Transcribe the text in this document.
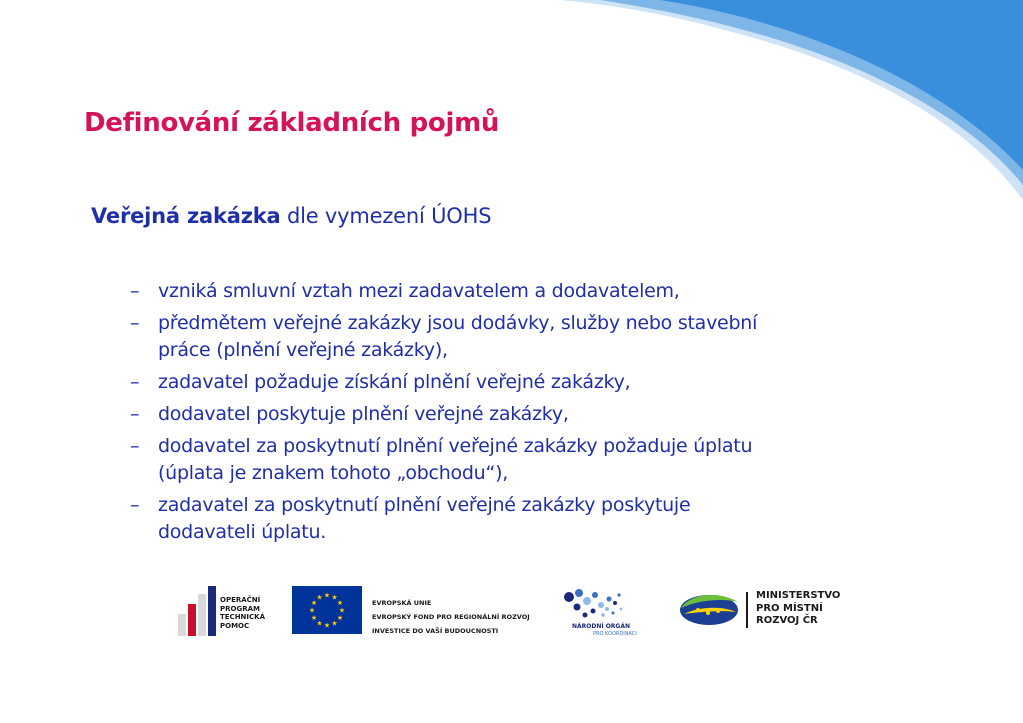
Definování základních pojmů

Veřejná zakázka dle vymezení ÚOHS

– vzniká smluvní vztah mezi zadavatelem a dodavatelem,
– předmětem veřejné zakázky jsou dodávky, služby nebo stavební
práce (plnění veřejné zakázky),
– zadavatel požaduje získání plnění veřejné zakázky,
– dodavatel poskytuje plnění veřejné zakázky,
– dodavatel za poskytnutí plnění veřejné zakázky požaduje úplatu
(úplata je znakem tohoto „obchodu“),
– zadavatel za poskytnutí plnění veřejné zakázky poskytuje
dodavateli úplatu.
OPERAČNÍ
PROGRAM
TECHNICKÁ
POMOC
★
★
★
★
★
★
★
★
★ ★ ★
★	EVROPSKÁ UNIE
EVROPSKÝ FOND PRO REGIONÁLNÍ ROZVOJ
INVESTICE DO VAŠÍ BUDOUCNOSTI
NÁRODNÍ ORGÁN
PRO KOORDINACI
MINISTERSTVO
PRO MÍSTNÍ
ROZVOJ ČR
